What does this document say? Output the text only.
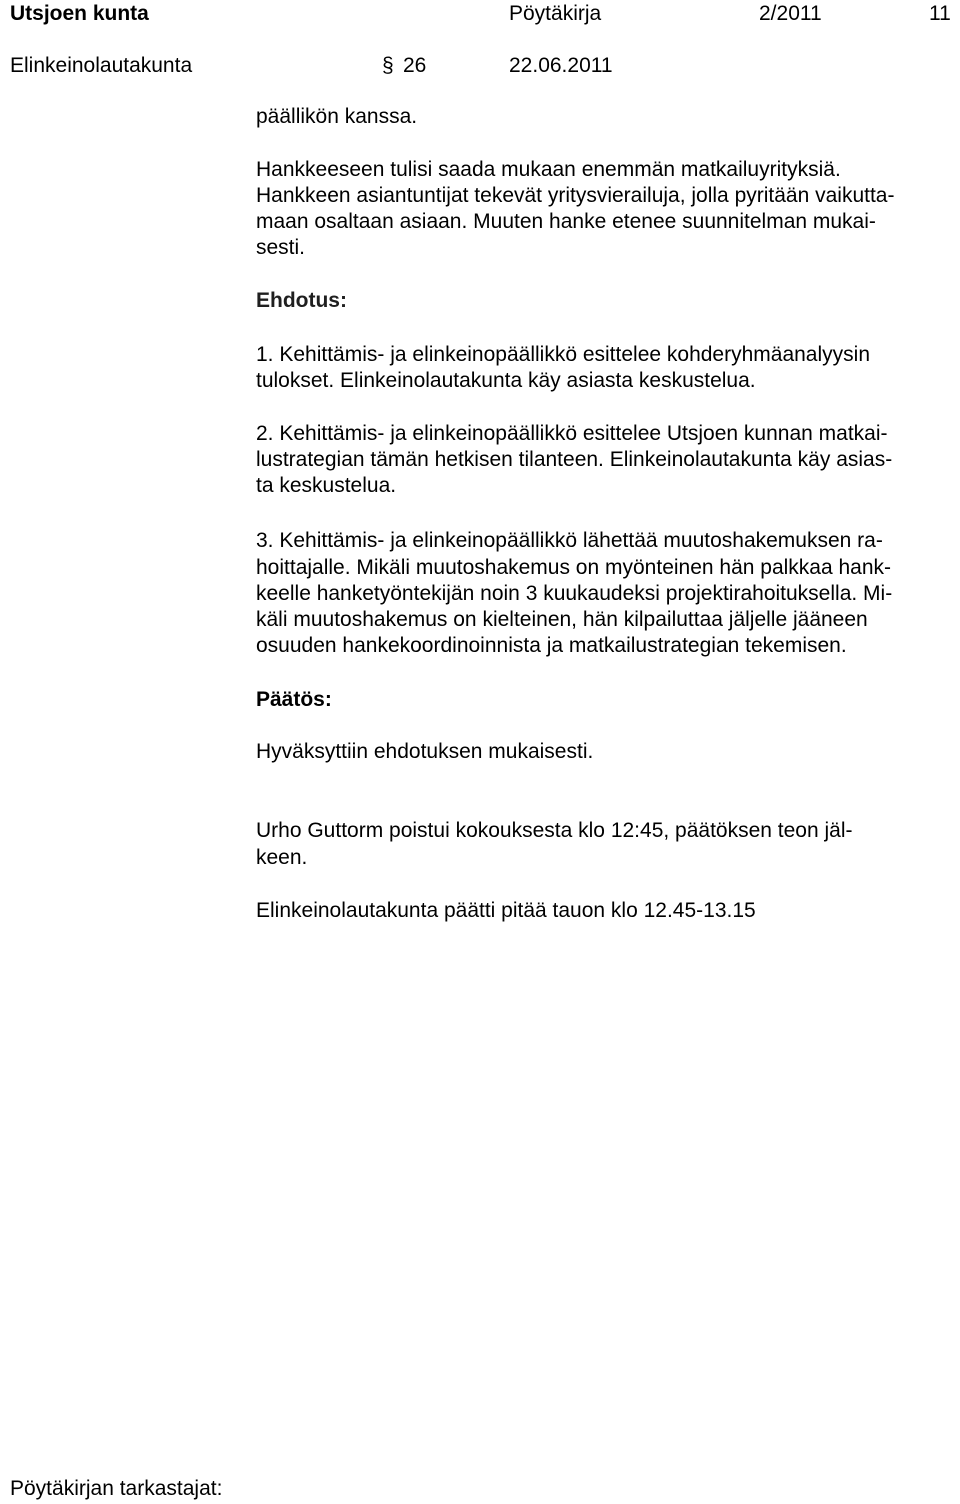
Utsjoen kunta	Pöytäkirja	2/2011	11
Elinkeinolautakunta	§ 26	22.06.2011
päällikön kanssa.
Hankkeeseen tulisi saada mukaan enemmän matkailuyrityksiä.
Hankkeen asiantuntijat tekevät yritysvierailuja, jolla pyritään vaikutta-
maan osaltaan asiaan. Muuten hanke etenee suunnitelman mukai-
sesti.
Ehdotus:
1. Kehittämis- ja elinkeinopäällikkö esittelee kohderyhmäanalyysin
tulokset. Elinkeinolautakunta käy asiasta keskustelua.
2. Kehittämis- ja elinkeinopäällikkö esittelee Utsjoen kunnan matkai-
lustrategian tämän hetkisen tilanteen. Elinkeinolautakunta käy asias-
ta keskustelua.
3. Kehittämis- ja elinkeinopäällikkö lähettää muutoshakemuksen ra-
hoittajalle. Mikäli muutoshakemus on myönteinen hän palkkaa hank-
keelle hanketyöntekijän noin 3 kuukaudeksi projektirahoituksella. Mi-
käli muutoshakemus on kielteinen, hän kilpailuttaa jäljelle jääneen
osuuden hankekoordinoinnista ja matkailustrategian tekemisen.
Päätös:
Hyväksyttiin ehdotuksen mukaisesti.
Urho Guttorm poistui kokouksesta klo 12:45, päätöksen teon jäl-
keen.
Elinkeinolautakunta päätti pitää tauon klo 12.45-13.15
Pöytäkirjan tarkastajat:
